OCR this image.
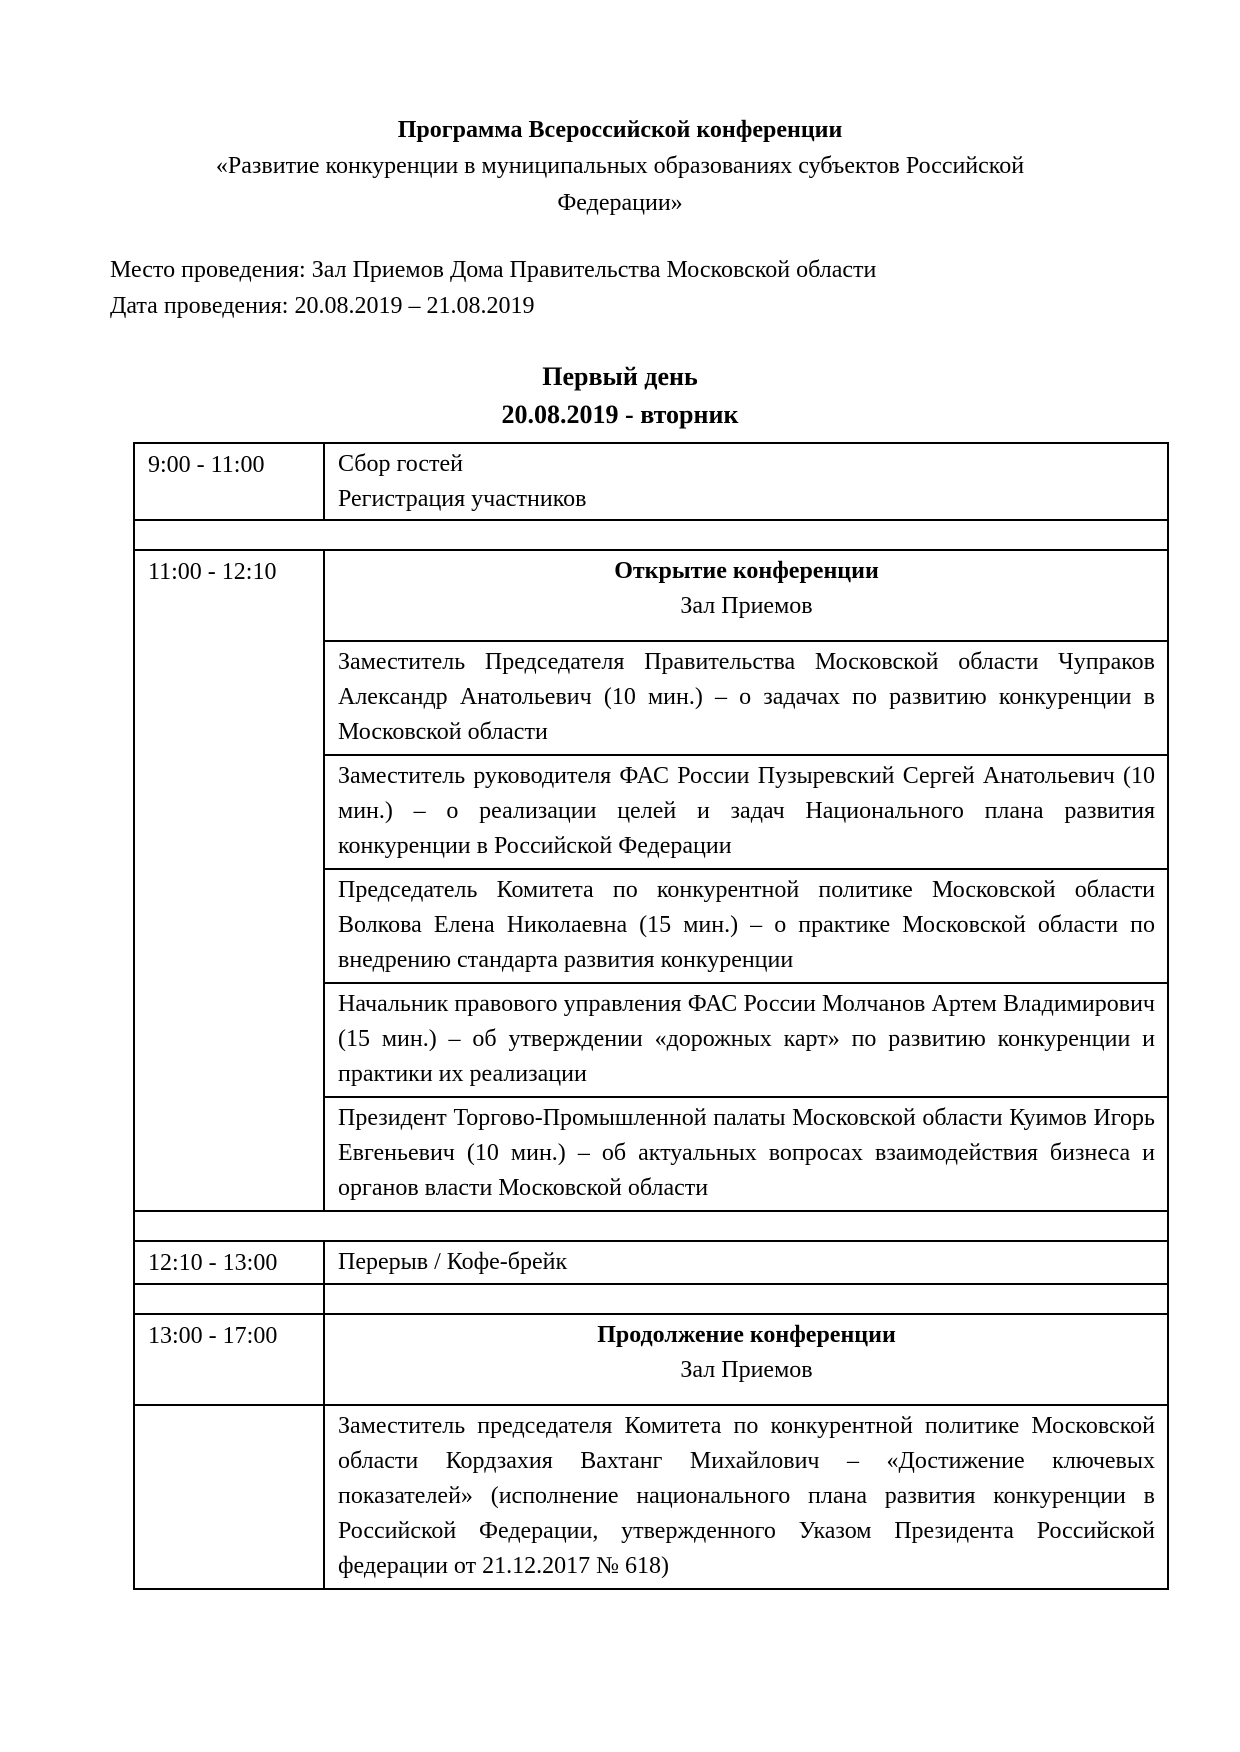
Программа Всероссийской конференции

«Развитие конкуренции в муниципальных образованиях субъектов Российской Федерации»

Место проведения: Зал Приемов Дома Правительства Московской области

Дата проведения: 20.08.2019 – 21.08.2019

Первый день

20.08.2019 - вторник

9:00 - 11:00	Сбор гостей
Регистрация участников

11:00 - 12:10	Открытие конференции
Зал Приемов

	Заместитель Председателя Правительства Московской области Чупраков Александр Анатольевич (10 мин.) – о задачах по развитию конкуренции в Московской области
	Заместитель руководителя ФАС России Пузыревский Сергей Анатольевич (10 мин.) – о реализации целей и задач Национального плана развития конкуренции в Российской Федерации
	Председатель Комитета по конкурентной политике Московской области Волкова Елена Николаевна (15 мин.) – о практике Московской области по внедрению стандарта развития конкуренции
	Начальник правового управления ФАС России Молчанов Артем Владимирович (15 мин.) – об утверждении «дорожных карт» по развитию конкуренции и практики их реализации
	Президент Торгово-Промышленной палаты Московской области Куимов Игорь Евгеньевич (10 мин.) – об актуальных вопросах взаимодействия бизнеса и органов власти Московской области

12:10 - 13:00	Перерыв / Кофе-брейк

13:00 - 17:00	Продолжение конференции
Зал Приемов

	Заместитель председателя Комитета по конкурентной политике Московской области Кордзахия Вахтанг Михайлович – «Достижение ключевых показателей» (исполнение национального плана развития конкуренции в Российской Федерации, утвержденного Указом Президента Российской федерации от 21.12.2017 № 618)
